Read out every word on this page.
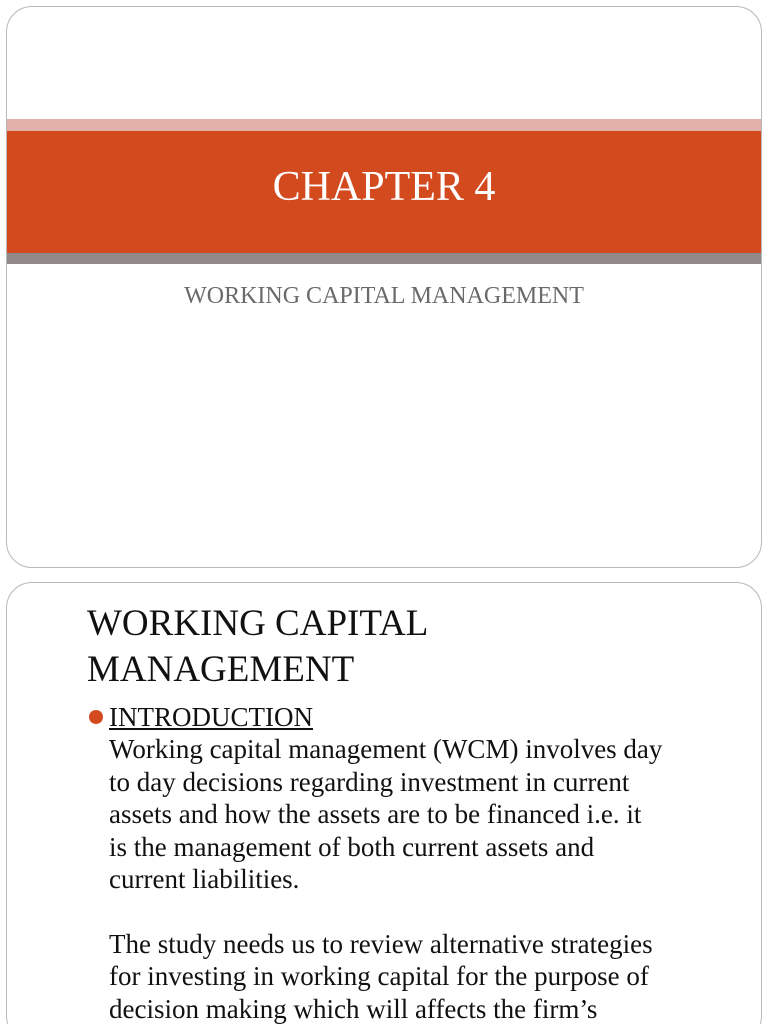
CHAPTER 4
WORKING CAPITAL MANAGEMENT
WORKING CAPITAL
MANAGEMENT
INTRODUCTION
Working capital management (WCM) involves day
to day decisions regarding investment in current
assets and how the assets are to be financed i.e. it
is the management of both current assets and
current liabilities.
The study needs us to review alternative strategies
for investing in working capital for the purpose of
decision making which will affects the firm’s
